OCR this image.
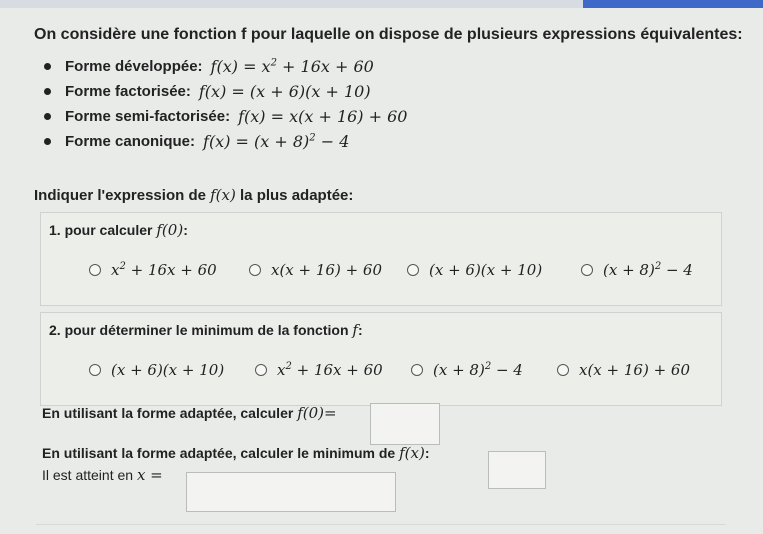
On considère une fonction f pour laquelle on dispose de plusieurs expressions équivalentes:
Forme développée: $f(x) = x^2 + 16x + 60$
Forme factorisée: f(x) = (x + 6)(x + 10)
Forme semi-factorisée: f(x) = x(x + 16) + 60
Forme canonique: $f(x) = (x + 8)^2 - 4$
Indiquer l'expression de f(x) la plus adaptée:
1. pour calculer f(0):
$x^2 + 16x + 60$	x(x + 16) + 60	(x + 6)(x + 10)	$(x + 8)^2 - 4$
2. pour déterminer le minimum de la fonction f:
(x + 6)(x + 10)	$x^2 + 16x + 60$	$(x + 8)^2 - 4$	x(x + 16) + 60
En utilisant la forme adaptée, calculer f(0)=
En utilisant la forme adaptée, calculer le minimum de f(x):
Il est atteint en x =
